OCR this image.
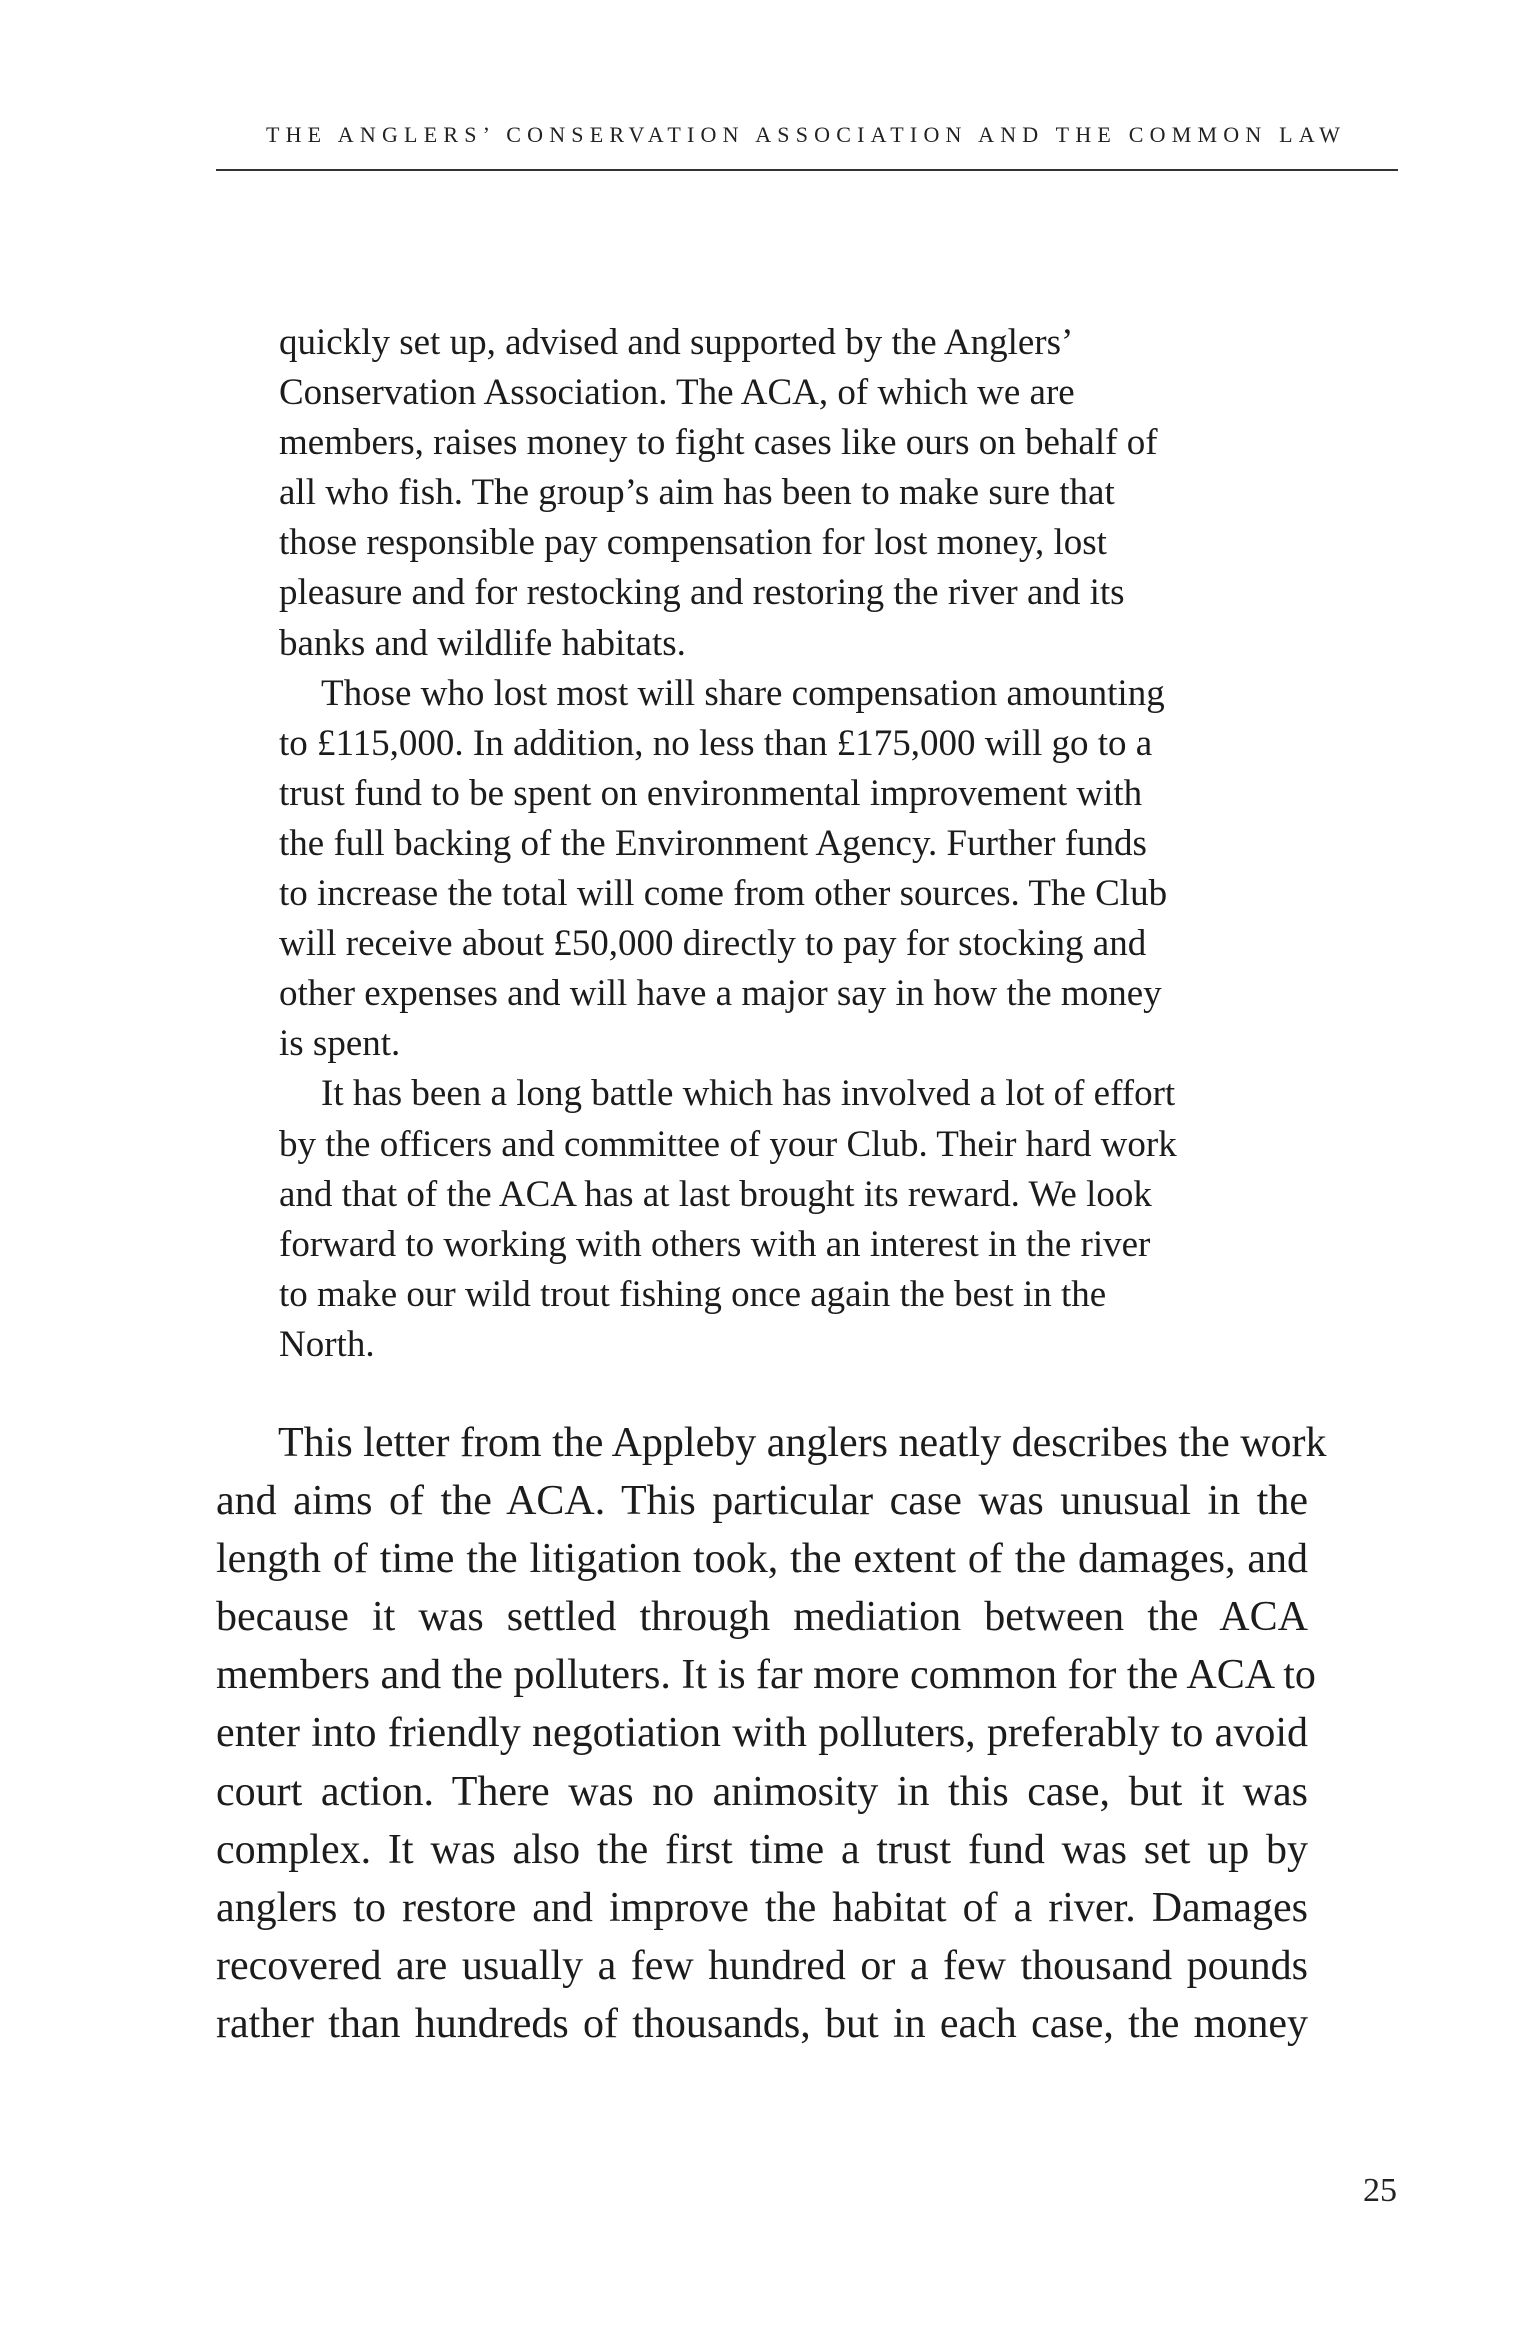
THE ANGLERS’ CONSERVATION ASSOCIATION AND THE COMMON LAW
quickly set up, advised and supported by the Anglers’
Conservation Association. The ACA, of which we are
members, raises money to fight cases like ours on behalf of
all who fish. The group’s aim has been to make sure that
those responsible pay compensation for lost money, lost
pleasure and for restocking and restoring the river and its
banks and wildlife habitats.
Those who lost most will share compensation amounting
to £115,000. In addition, no less than £175,000 will go to a
trust fund to be spent on environmental improvement with
the full backing of the Environment Agency. Further funds
to increase the total will come from other sources. The Club
will receive about £50,000 directly to pay for stocking and
other expenses and will have a major say in how the money
is spent.
It has been a long battle which has involved a lot of effort
by the officers and committee of your Club. Their hard work
and that of the ACA has at last brought its reward. We look
forward to working with others with an interest in the river
to make our wild trout fishing once again the best in the
North.
This letter from the Appleby anglers neatly describes the work
and aims of the ACA. This particular case was unusual in the
length of time the litigation took, the extent of the damages, and
because it was settled through mediation between the ACA
members and the polluters. It is far more common for the ACA to
enter into friendly negotiation with polluters, preferably to avoid
court action. There was no animosity in this case, but it was
complex. It was also the first time a trust fund was set up by
anglers to restore and improve the habitat of a river. Damages
recovered are usually a few hundred or a few thousand pounds
rather than hundreds of thousands, but in each case, the money
25
